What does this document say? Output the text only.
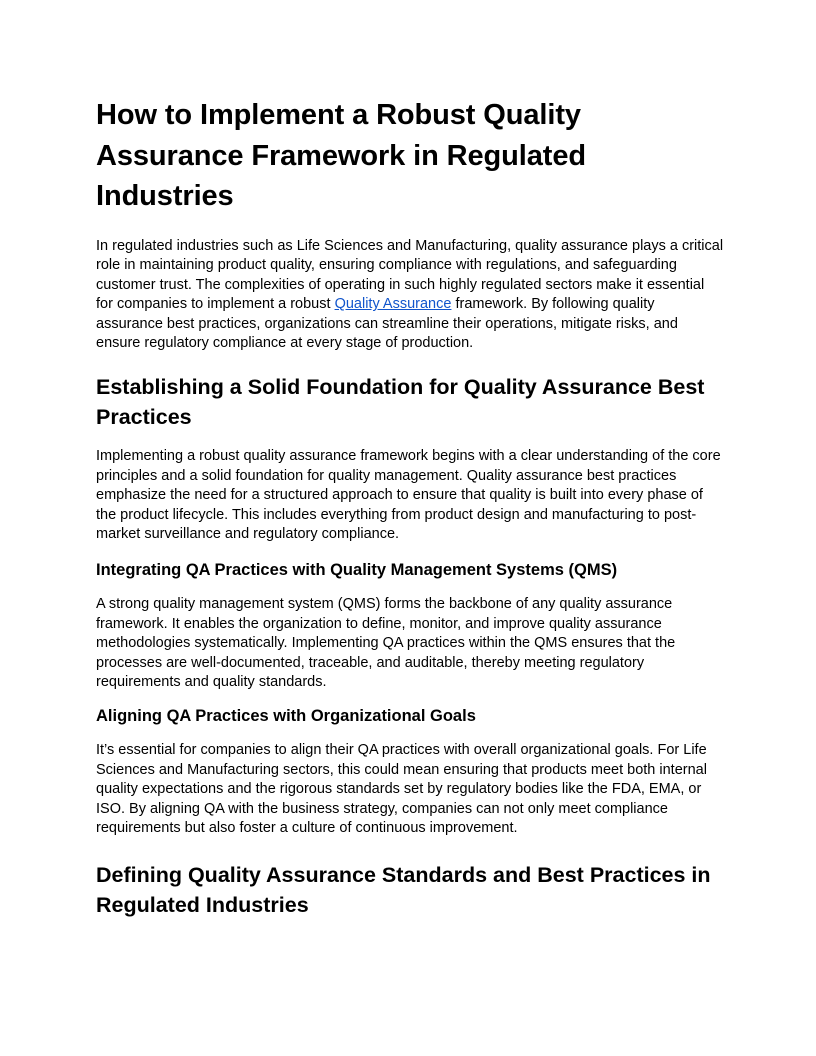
How to Implement a Robust Quality Assurance Framework in Regulated Industries

In regulated industries such as Life Sciences and Manufacturing, quality assurance plays a critical role in maintaining product quality, ensuring compliance with regulations, and safeguarding customer trust. The complexities of operating in such highly regulated sectors make it essential for companies to implement a robust Quality Assurance framework. By following quality assurance best practices, organizations can streamline their operations, mitigate risks, and ensure regulatory compliance at every stage of production.

Establishing a Solid Foundation for Quality Assurance Best Practices

Implementing a robust quality assurance framework begins with a clear understanding of the core principles and a solid foundation for quality management. Quality assurance best practices emphasize the need for a structured approach to ensure that quality is built into every phase of the product lifecycle. This includes everything from product design and manufacturing to post-market surveillance and regulatory compliance.

Integrating QA Practices with Quality Management Systems (QMS)

A strong quality management system (QMS) forms the backbone of any quality assurance framework. It enables the organization to define, monitor, and improve quality assurance methodologies systematically. Implementing QA practices within the QMS ensures that the processes are well-documented, traceable, and auditable, thereby meeting regulatory requirements and quality standards.

Aligning QA Practices with Organizational Goals

It’s essential for companies to align their QA practices with overall organizational goals. For Life Sciences and Manufacturing sectors, this could mean ensuring that products meet both internal quality expectations and the rigorous standards set by regulatory bodies like the FDA, EMA, or ISO. By aligning QA with the business strategy, companies can not only meet compliance requirements but also foster a culture of continuous improvement.

Defining Quality Assurance Standards and Best Practices in Regulated Industries
